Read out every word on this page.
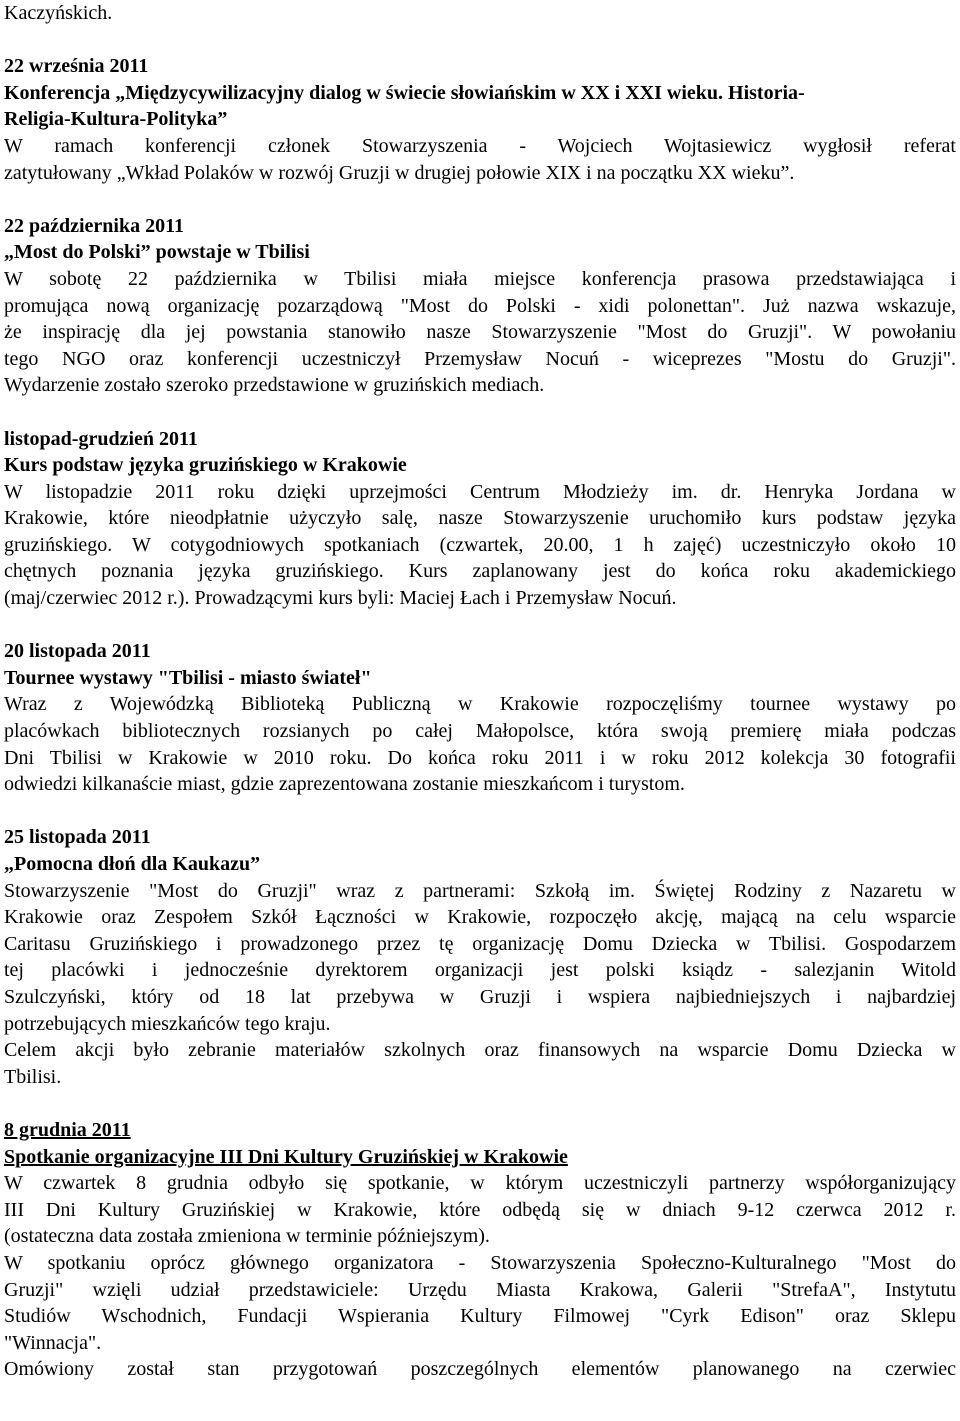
Kaczyńskich.

22 września 2011

Konferencja „Międzycywilizacyjny dialog w świecie słowiańskim w XX i XXI wieku. Historia-

Religia-Kultura-Polityka”

W ramach konferencji członek Stowarzyszenia - Wojciech Wojtasiewicz wygłosił referat

zatytułowany „Wkład Polaków w rozwój Gruzji w drugiej połowie XIX i na początku XX wieku”.

22 października 2011

„Most do Polski” powstaje w Tbilisi

W sobotę 22 października w Tbilisi miała miejsce konferencja prasowa przedstawiająca i

promująca nową organizację pozarządową "Most do Polski - xidi polonettan". Już nazwa wskazuje,

że inspirację dla jej powstania stanowiło nasze Stowarzyszenie "Most do Gruzji". W powołaniu

tego NGO oraz konferencji uczestniczył Przemysław Nocuń - wiceprezes "Mostu do Gruzji".

Wydarzenie zostało szeroko przedstawione w gruzińskich mediach.

listopad-grudzień 2011

Kurs podstaw języka gruzińskiego w Krakowie

W listopadzie 2011 roku dzięki uprzejmości Centrum Młodzieży im. dr. Henryka Jordana w

Krakowie, które nieodpłatnie użyczyło salę, nasze Stowarzyszenie uruchomiło kurs podstaw języka

gruzińskiego. W cotygodniowych spotkaniach (czwartek, 20.00, 1 h zajęć) uczestniczyło około 10

chętnych poznania języka gruzińskiego. Kurs zaplanowany jest do końca roku akademickiego

(maj/czerwiec 2012 r.). Prowadzącymi kurs byli: Maciej Łach i Przemysław Nocuń.

20 listopada 2011

Tournee wystawy "Tbilisi - miasto świateł"

Wraz z Wojewódzką Biblioteką Publiczną w Krakowie rozpoczęliśmy tournee wystawy po

placówkach bibliotecznych rozsianych po całej Małopolsce, która swoją premierę miała podczas

Dni Tbilisi w Krakowie w 2010 roku. Do końca roku 2011 i w roku 2012 kolekcja 30 fotografii

odwiedzi kilkanaście miast, gdzie zaprezentowana zostanie mieszkańcom i turystom.

25 listopada 2011

„Pomocna dłoń dla Kaukazu”

Stowarzyszenie "Most do Gruzji" wraz z partnerami: Szkołą im. Świętej Rodziny z Nazaretu w

Krakowie oraz Zespołem Szkół Łączności w Krakowie, rozpoczęło akcję, mającą na celu wsparcie

Caritasu Gruzińskiego i prowadzonego przez tę organizację Domu Dziecka w Tbilisi. Gospodarzem

tej placówki i jednocześnie dyrektorem organizacji jest polski ksiądz - salezjanin Witold

Szulczyński, który od 18 lat przebywa w Gruzji i wspiera najbiedniejszych i najbardziej

potrzebujących mieszkańców tego kraju.

Celem akcji było zebranie materiałów szkolnych oraz finansowych na wsparcie Domu Dziecka w

Tbilisi.

8 grudnia 2011

Spotkanie organizacyjne III Dni Kultury Gruzińskiej w Krakowie

W czwartek 8 grudnia odbyło się spotkanie, w którym uczestniczyli partnerzy współorganizujący

III Dni Kultury Gruzińskiej w Krakowie, które odbędą się w dniach 9-12 czerwca 2012 r.

(ostateczna data została zmieniona w terminie późniejszym).

W spotkaniu oprócz głównego organizatora - Stowarzyszenia Społeczno-Kulturalnego "Most do

Gruzji" wzięli udział przedstawiciele: Urzędu Miasta Krakowa, Galerii "StrefaA", Instytutu

Studiów Wschodnich, Fundacji Wspierania Kultury Filmowej "Cyrk Edison" oraz Sklepu

"Winnacja".

Omówiony został stan przygotowań poszczególnych elementów planowanego na czerwiec
